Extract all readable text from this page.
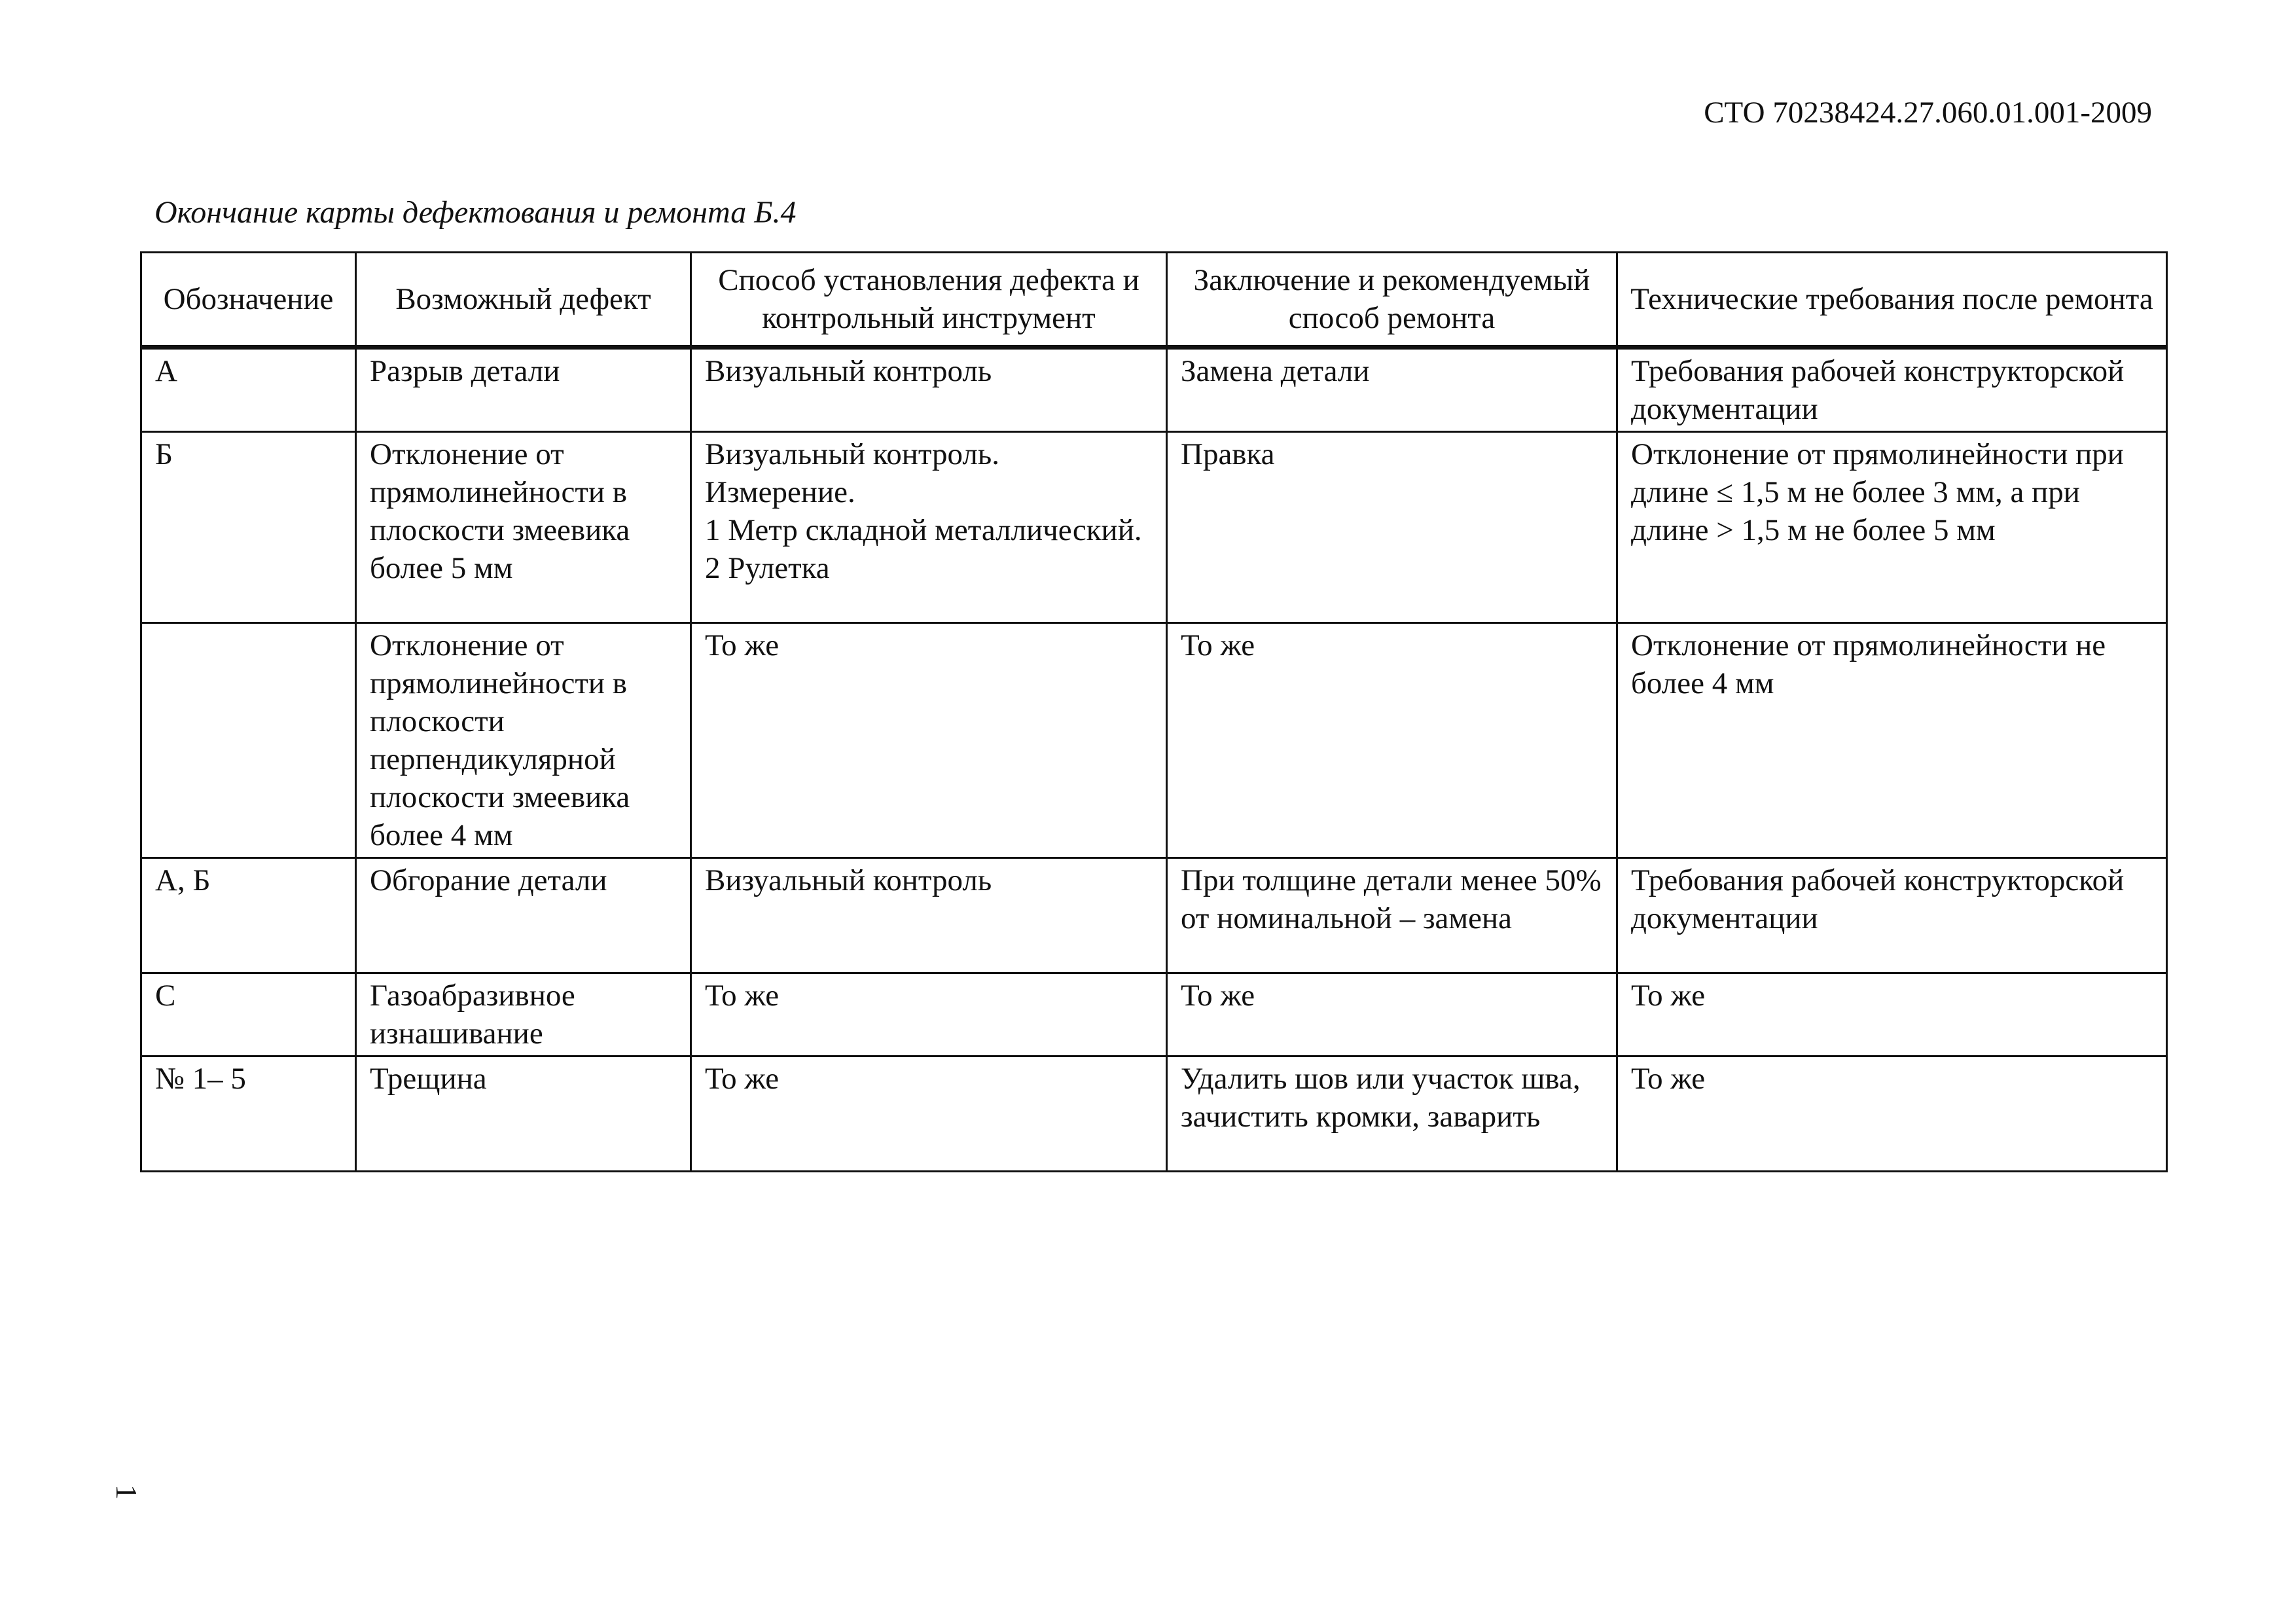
СТО 70238424.27.060.01.001-2009
Окончание карты дефектования и ремонта Б.4
Обозначение	Возможный дефект	Способ установления дефекта и контрольный инструмент	Заключение и рекомендуемый способ ремонта	Технические требования после ремонта

А	Разрыв детали	Визуальный контроль	Замена детали	Требования рабочей конструкторской документации

Б	Отклонение от прямолинейности в плоскости змеевика более 5 мм	Визуальный контроль.
Измерение.
1 Метр складной металлический.
2 Рулетка	Правка	Отклонение от прямолинейности при длине ≤ 1,5 м не более 3 мм, а при длине > 1,5 м не более 5 мм

	Отклонение от прямолинейности в плоскости перпендикулярной плоскости змеевика более 4 мм	То же	То же	Отклонение от прямолинейности не более 4 мм

А, Б	Обгорание детали	Визуальный контроль	При толщине детали менее 50% от номинальной – замена	Требования рабочей конструкторской документации

С	Газоабразивное изнашивание	То же	То же	То же

№ 1– 5	Трещина	То же	Удалить шов или участок шва, зачистить кромки, заварить	То же
1
